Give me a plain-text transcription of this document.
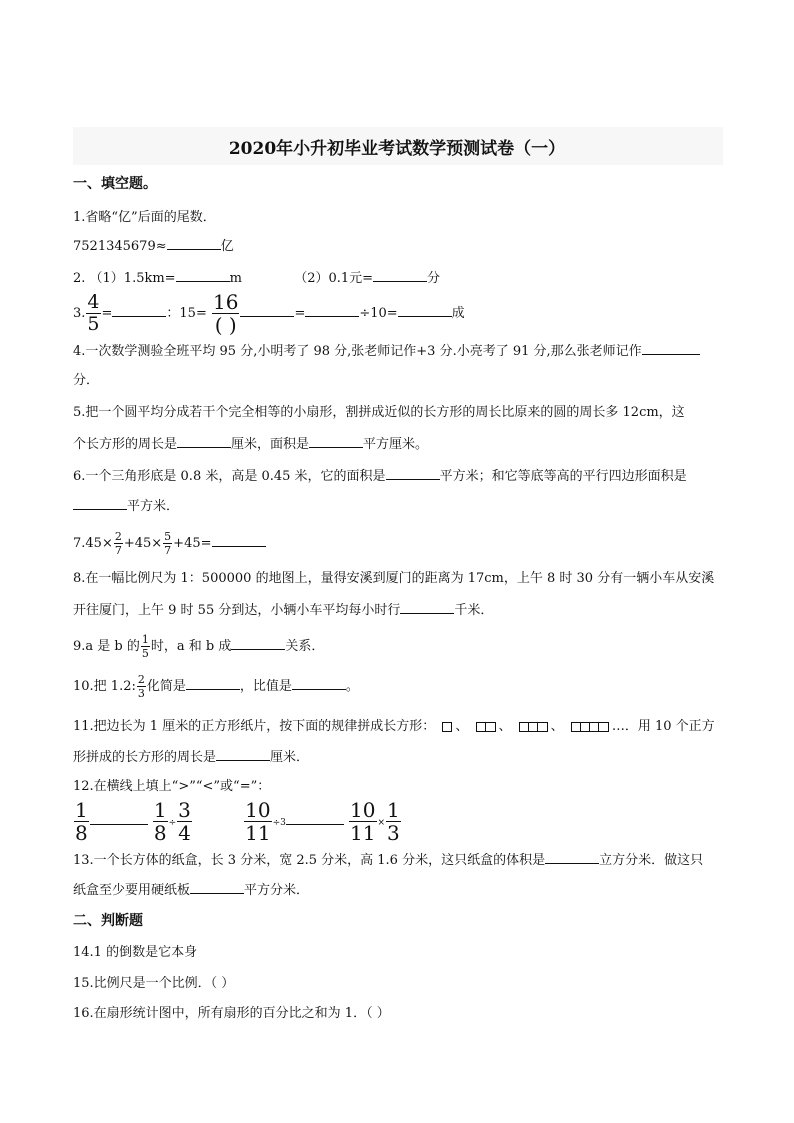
2020年小升初毕业考试数学预测试卷（一）
一、填空题。
1.省略“亿”后面的尾数．
7521345679≈	亿
2. （1）1.5km=	m	（2）0.1元=	分
3. $\frac{4}{5}$ =	：$15= \frac{16}{( )}$	=	÷10=	成
4.一次数学测验全班平均 95 分,小明考了 98 分,张老师记作+3 分.小亮考了 91 分,那么张老师记作
分．
5.把一个圆平均分成若干个完全相等的小扇形，割拼成近似的长方形的周长比原来的圆的周长多 12cm，这
个长方形的周长是	厘米，面积是	平方厘米。
6.一个三角形底是 0.8 米，高是 0.45 米，它的面积是	平方米；和它等底等高的平行四边形面积是
平方米．
$7.45\times \frac{2}{7} +45\times \frac{5}{7} +45=$
8.在一幅比例尺为 1：500000 的地图上，量得安溪到厦门的距离为 17cm，上午 8 时 30 分有一辆小车从安溪
开往厦门，上午 9 时 55 分到达，小辆小车平均每小时行	千米．
9.a 是 b 的 $\frac{1}{5}$ 时，a 和 b 成	关系．
10.把 1.2: $\frac{2}{3}$ 化简是	，比值是	。
11.把边长为 1 厘米的正方形纸片，按下面的规律拼成长方形： 、 、	、	…．用 10 个正方
形拼成的长方形的周长是	厘米．
12.在横线上填上“>”“<”或“=”：
$\frac{1}{8}$
	$\frac{1}{8} \div \frac{3}{4}$
	$\frac{10}{11} \div 3$	$\frac{10}{11} \times \frac{1}{3}$
13.一个长方体的纸盒，长 3 分米，宽 2.5 分米，高 1.6 分米，这只纸盒的体积是	立方分米．做这只
纸盒至少要用硬纸板	平方分米．
二、判断题
14.1 的倒数是它本身
15.比例尺是一个比例．（ ）
16.在扇形统计图中，所有扇形的百分比之和为 1．（ ）
